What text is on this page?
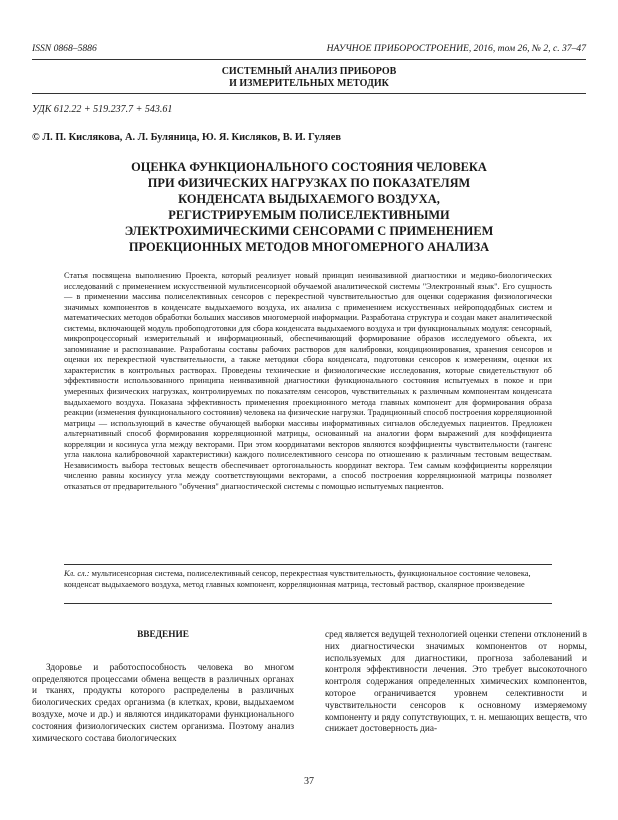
ISSN 0868–5886	НАУЧНОЕ ПРИБОРОСТРОЕНИЕ, 2016, том 26, № 2, с. 37–47
СИСТЕМНЫЙ АНАЛИЗ ПРИБОРОВ
И ИЗМЕРИТЕЛЬНЫХ МЕТОДИК
УДК 612.22 + 519.237.7 + 543.61
© Л. П. Кислякова, А. Л. Буляница, Ю. Я. Кисляков, В. И. Гуляев
ОЦЕНКА ФУНКЦИОНАЛЬНОГО СОСТОЯНИЯ ЧЕЛОВЕКА
ПРИ ФИЗИЧЕСКИХ НАГРУЗКАХ ПО ПОКАЗАТЕЛЯМ
КОНДЕНСАТА ВЫДЫХАЕМОГО ВОЗДУХА,
РЕГИСТРИРУЕМЫМ ПОЛИСЕЛЕКТИВНЫМИ
ЭЛЕКТРОХИМИЧЕСКИМИ СЕНСОРАМИ С ПРИМЕНЕНИЕМ
ПРОЕКЦИОННЫХ МЕТОДОВ МНОГОМЕРНОГО АНАЛИЗА
Статья посвящена выполнению Проекта, который реализует новый принцип неинвазивной диагностики и медико-биологических исследований с применением искусственной мультисенсорной обучаемой аналитической системы "Электронный язык". Его сущность — в применении массива полиселективных сенсоров с перекрестной чувствительностью для оценки содержания физиологически значимых компонентов в конденсате выдыхаемого воздуха, их анализа с применением искусственных нейропододбных систем и математических методов обработки больших массивов многомерной информации. Разработана структура и создан макет аналитической системы, включающей модуль пробоподготовки для сбора конденсата выдыхаемого воздуха и три функциональных модуля: сенсорный, микропроцессорный измерительный и информационный, обеспечивающий формирование образов исследуемого объекта, их запоминание и распознавание. Разработаны составы рабочих растворов для калибровки, кондиционирования, хранения сенсоров и оценки их перекрестной чувствительности, а также методики сбора конденсата, подготовки сенсоров к измерениям, оценки их характеристик в контрольных растворах. Проведены технические и физиологические исследования, которые свидетельствуют об эффективности использованного принципа неинвазивной диагностики функционального состояния испытуемых в покое и при умеренных физических нагрузках, контролируемых по показателям сенсоров, чувствительных к различным компонентам конденсата выдыхаемого воздуха. Показана эффективность применения проекционного метода главных компонент для формирования образа реакции (изменения функционального состояния) человека на физические нагрузки. Традиционный способ построения корреляционной матрицы — использующий в качестве обучающей выборки массивы информативных сигналов обследуемых пациентов. Предложен альтернативный способ формирования корреляционной матрицы, основанный на аналогии форм выражений для коэффициента корреляции и косинуса угла между векторами. При этом координатами векторов являются коэффициенты чувствительности (тангенс угла наклона калибровочной характеристики) каждого полиселективного сенсора по отношению к различным тестовым веществам. Независимость выбора тестовых веществ обеспечивает ортогональность координат вектора. Тем самым коэффициенты корреляции численно равны косинусу угла между соответствующими векторами, а способ построения корреляционной матрицы позволяет отказаться от предварительного "обучения" диагностической системы с помощью испытуемых пациентов.
Кл. сл.: мультисенсорная система, полиселективный сенсор, перекрестная чувствительность, функциональное состояние человека, конденсат выдыхаемого воздуха, метод главных компонент, корреляционная матрица, тестовый раствор, скалярное произведение
ВВЕДЕНИЕ

Здоровье и работоспособность человека во многом определяются процессами обмена веществ в различных органах и тканях, продукты которого распределены в различных биологических средах организма (в клетках, крови, выдыхаемом воздухе, моче и др.) и являются индикаторами функционального состояния физиологических систем организма. Поэтому анализ химического состава биологических

сред является ведущей технологией оценки степени отклонений в них диагностически значимых компонентов от нормы, используемых для диагностики, прогноза заболеваний и контроля эффективности лечения. Это требует высокоточного контроля содержания определенных химических компонентов, которое ограничивается уровнем селективности и чувствительности сенсоров к основному измеряемому компоненту и ряду сопутствующих, т. н. мешающих веществ, что снижает достоверность диа-

37
